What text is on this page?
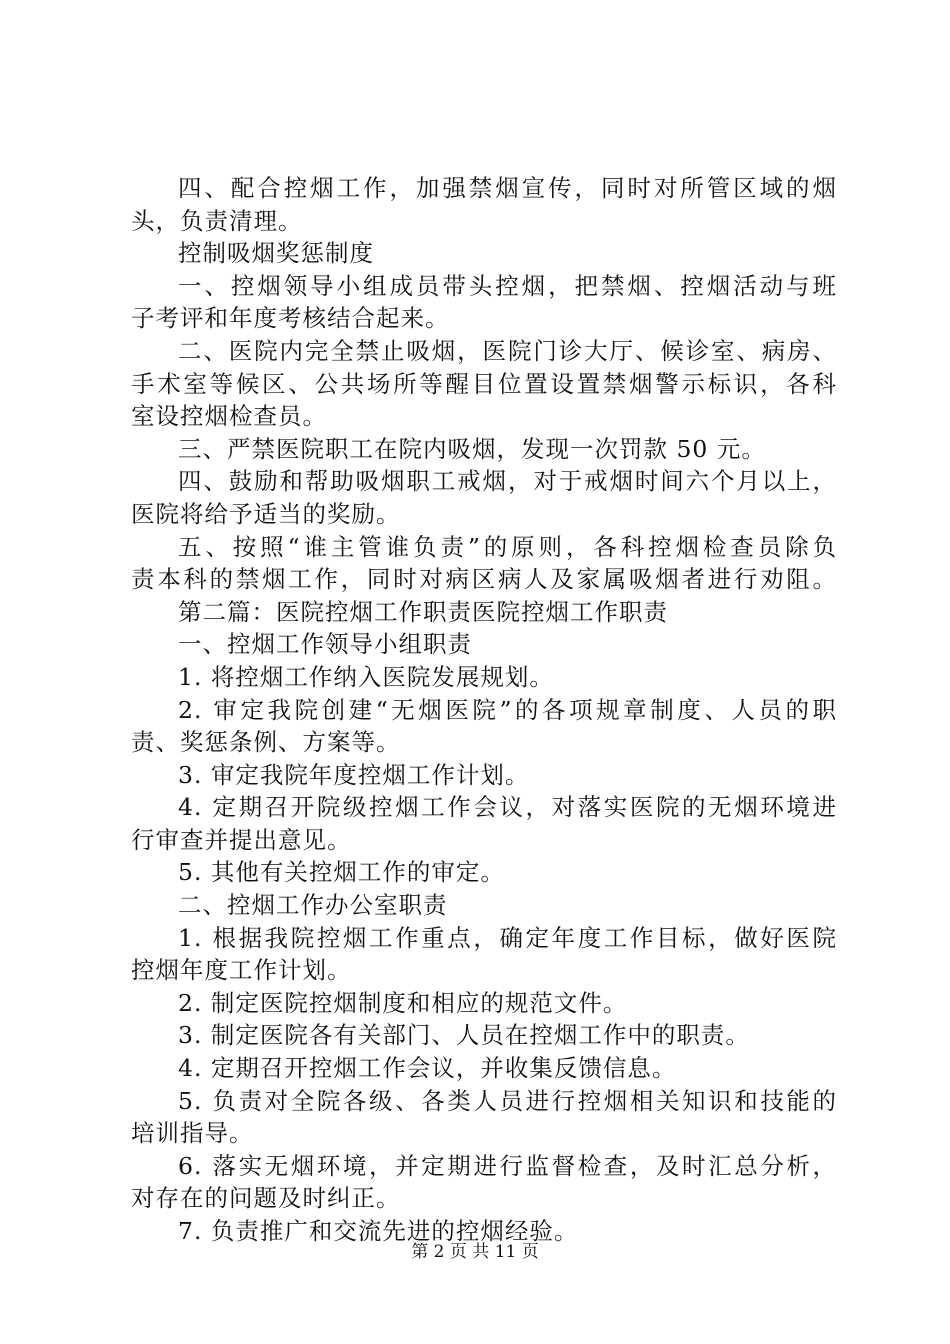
四、配合控烟工作，加强禁烟宣传，同时对所管区域的烟
头，负责清理。
控制吸烟奖惩制度
一、控烟领导小组成员带头控烟，把禁烟、控烟活动与班
子考评和年度考核结合起来。
二、医院内完全禁止吸烟，医院门诊大厅、候诊室、病房、
手术室等候区、公共场所等醒目位置设置禁烟警示标识，各科
室设控烟检查员。
三、严禁医院职工在院内吸烟，发现一次罚款 50 元。
四、鼓励和帮助吸烟职工戒烟，对于戒烟时间六个月以上，
医院将给予适当的奖励。
五、按照“谁主管谁负责”的原则，各科控烟检查员除负
责本科的禁烟工作，同时对病区病人及家属吸烟者进行劝阻。
第二篇：医院控烟工作职责医院控烟工作职责
一、控烟工作领导小组职责
1. 将控烟工作纳入医院发展规划。
2. 审定我院创建“无烟医院”的各项规章制度、人员的职
责、奖惩条例、方案等。
3. 审定我院年度控烟工作计划。
4. 定期召开院级控烟工作会议，对落实医院的无烟环境进
行审查并提出意见。
5. 其他有关控烟工作的审定。
二、控烟工作办公室职责
1. 根据我院控烟工作重点，确定年度工作目标，做好医院
控烟年度工作计划。
2. 制定医院控烟制度和相应的规范文件。
3. 制定医院各有关部门、人员在控烟工作中的职责。
4. 定期召开控烟工作会议，并收集反馈信息。
5. 负责对全院各级、各类人员进行控烟相关知识和技能的
培训指导。
6. 落实无烟环境，并定期进行监督检查，及时汇总分析，
对存在的问题及时纠正。
7. 负责推广和交流先进的控烟经验。
第 2 页 共 11 页
